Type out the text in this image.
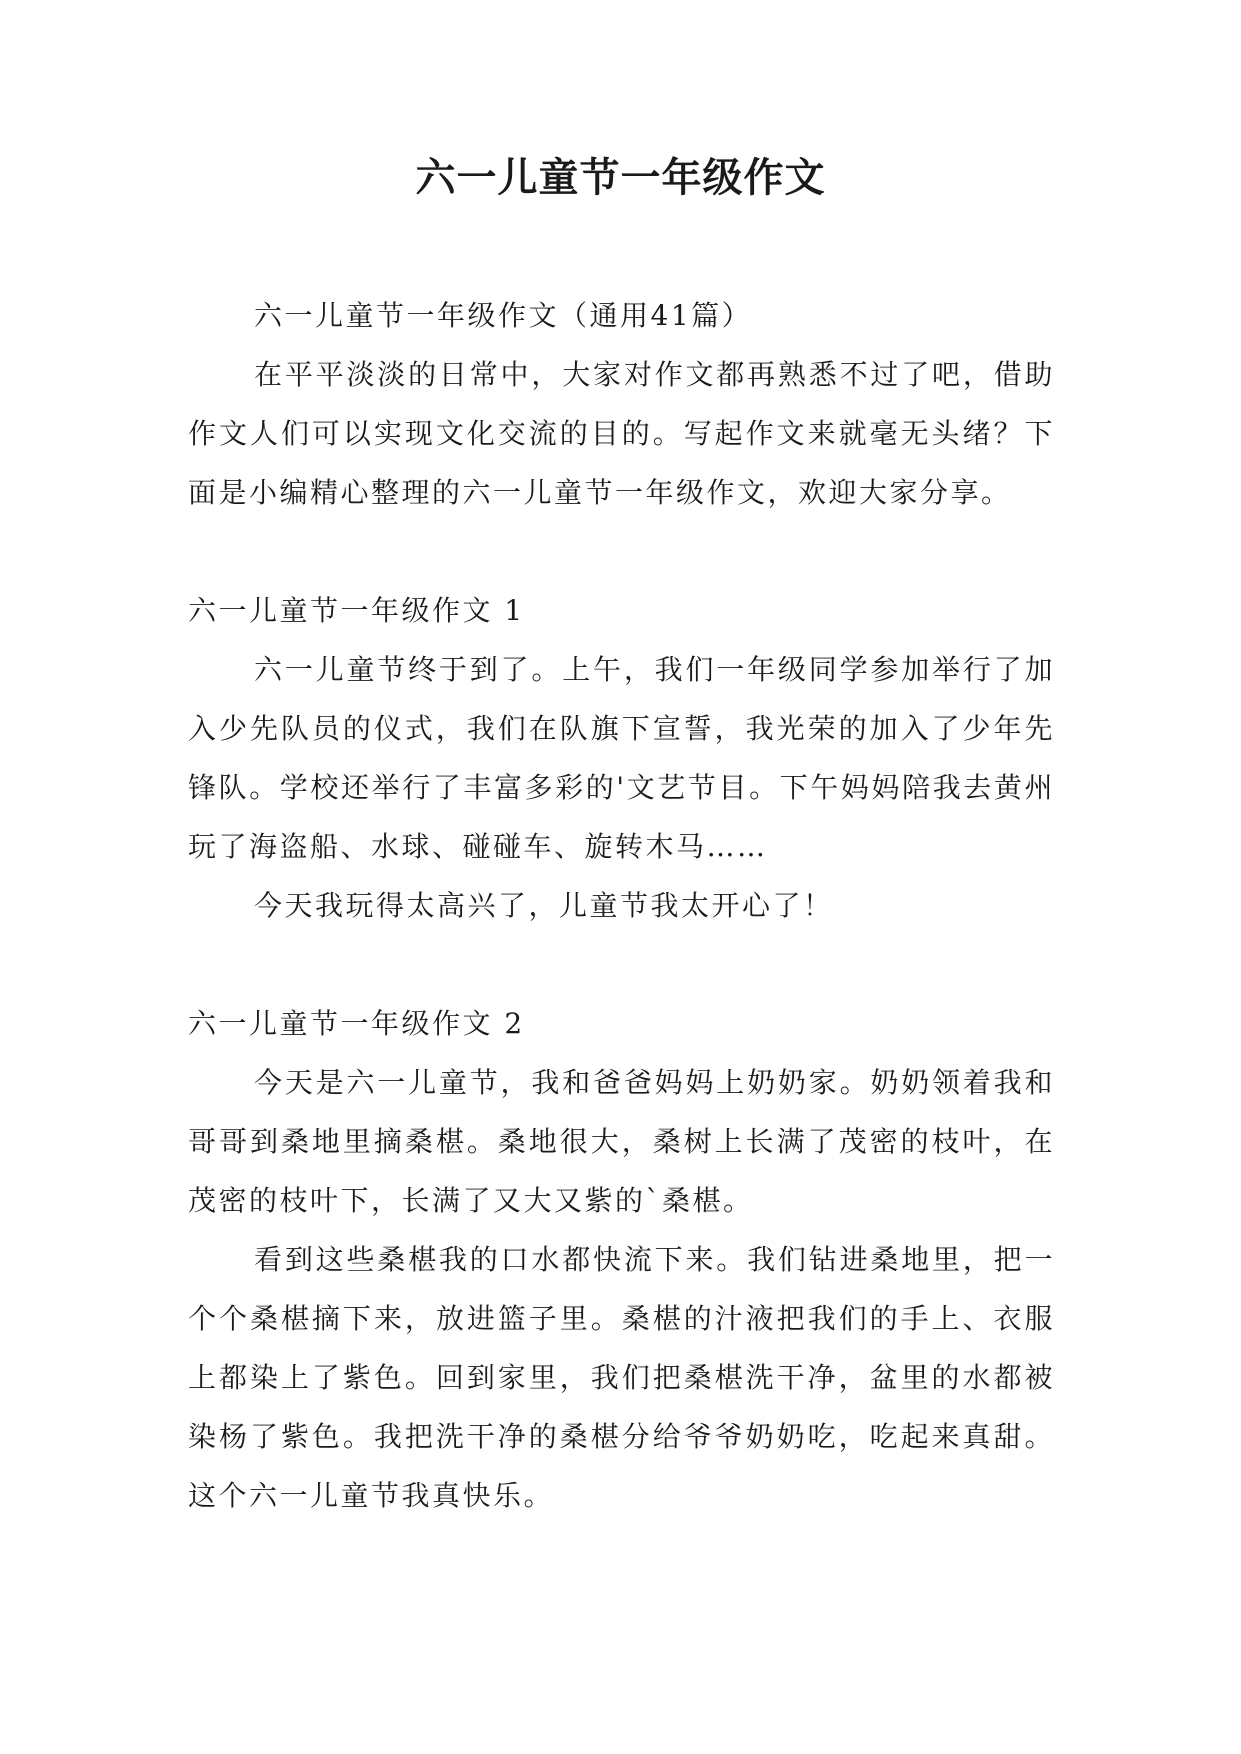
六一儿童节一年级作文

六一儿童节一年级作文（通用41篇）

在平平淡淡的日常中，大家对作文都再熟悉不过了吧，借助作文人们可以实现文化交流的目的。写起作文来就毫无头绪？下面是小编精心整理的六一儿童节一年级作文，欢迎大家分享。

六一儿童节一年级作文 1

六一儿童节终于到了。上午，我们一年级同学参加举行了加入少先队员的仪式，我们在队旗下宣誓，我光荣的加入了少年先锋队。学校还举行了丰富多彩的'文艺节目。下午妈妈陪我去黄州玩了海盗船、水球、碰碰车、旋转木马……

今天我玩得太高兴了，儿童节我太开心了！

六一儿童节一年级作文 2

今天是六一儿童节，我和爸爸妈妈上奶奶家。奶奶领着我和哥哥到桑地里摘桑椹。桑地很大，桑树上长满了茂密的枝叶，在茂密的枝叶下，长满了又大又紫的`桑椹。

看到这些桑椹我的口水都快流下来。我们钻进桑地里，把一个个桑椹摘下来，放进篮子里。桑椹的汁液把我们的手上、衣服上都染上了紫色。回到家里，我们把桑椹洗干净，盆里的水都被染杨了紫色。我把洗干净的桑椹分给爷爷奶奶吃，吃起来真甜。这个六一儿童节我真快乐。
